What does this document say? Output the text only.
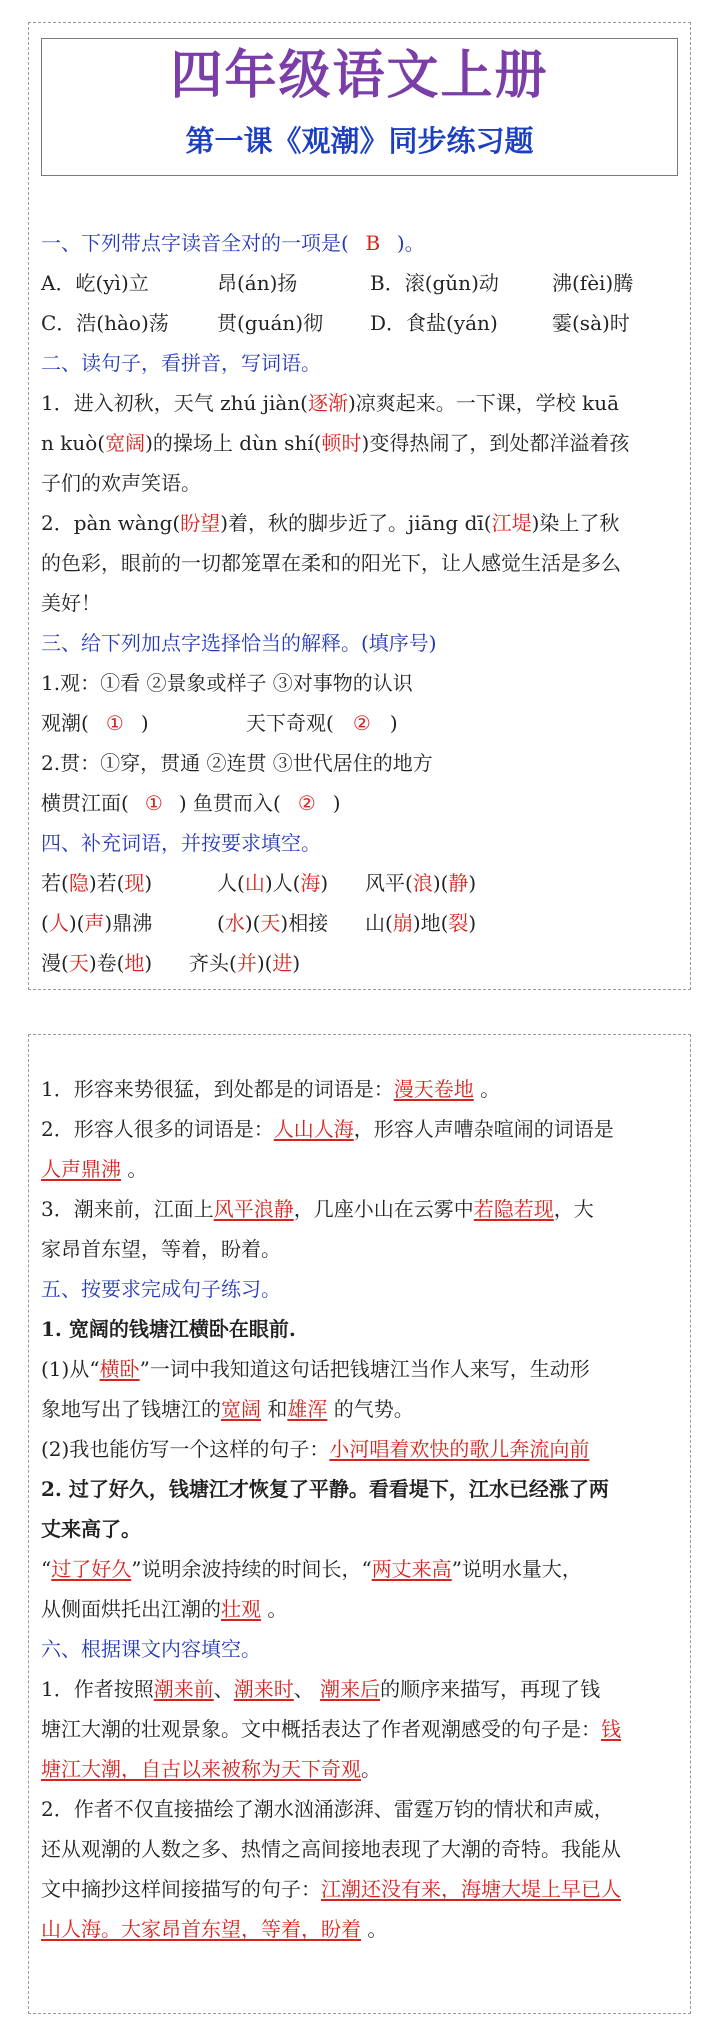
四年级语文上册
第一课《观潮》同步练习题
一、下列带点字读音全对的一项是( B )。
A．屹(yì)立	昂(án)扬	B．滚(gǔn)动	沸(fèi)腾
C．浩(hào)荡 贯(guán)彻 D．食盐(yán)	霎(sà)时
二、读句子，看拼音，写词语。
1．进入初秋，天气 zhú jiàn(逐渐)凉爽起来。一下课，学校 kuā
n kuò(宽阔)的操场上 dùn shí(顿时)变得热闹了，到处都洋溢着孩
子们的欢声笑语。
2．pàn wàng(盼望)着，秋的脚步近了。jiāng dī(江堤)染上了秋
的色彩，眼前的一切都笼罩在柔和的阳光下，让人感觉生活是多么
美好！
三、给下列加点字选择恰当的解释。(填序号)
1.观：①看 ②景象或样子 ③对事物的认识
观潮( ① )	天下奇观( ② )
2.贯：①穿，贯通 ②连贯 ③世代居住的地方
横贯江面( ① ) 鱼贯而入( ② )
四、补充词语，并按要求填空。
若(隐)若(现)	人(山)人(海) 风平(浪)(静)
(人)(声)鼎沸	(水)(天)相接 山(崩)地(裂)
漫(天)卷(地) 齐头(并)(进)
1．形容来势很猛，到处都是的词语是：漫天卷地 。
2．形容人很多的词语是：人山人海，形容人声嘈杂喧闹的词语是
人声鼎沸 。
3．潮来前，江面上风平浪静，几座小山在云雾中若隐若现，大
家昂首东望，等着，盼着。
五、按要求完成句子练习。
1. 宽阔的钱塘江横卧在眼前.
(1)从“横卧”一词中我知道这句话把钱塘江当作人来写，生动形
象地写出了钱塘江的宽阔 和雄浑 的气势。
(2)我也能仿写一个这样的句子：小河唱着欢快的歌儿奔流向前
2. 过了好久，钱塘江才恢复了平静。看看堤下，江水已经涨了两
丈来高了。
“过了好久”说明余波持续的时间长，“两丈来高”说明水量大，
从侧面烘托出江潮的壮观 。
六、根据课文内容填空。
1．作者按照潮来前、潮来时、 潮来后的顺序来描写，再现了钱
塘江大潮的壮观景象。文中概括表达了作者观潮感受的句子是：钱
塘江大潮，自古以来被称为天下奇观。
2．作者不仅直接描绘了潮水汹涌澎湃、雷霆万钧的情状和声威，
还从观潮的人数之多、热情之高间接地表现了大潮的奇特。我能从
文中摘抄这样间接描写的句子：江潮还没有来，海塘大堤上早已人
山人海。大家昂首东望，等着，盼着 。
